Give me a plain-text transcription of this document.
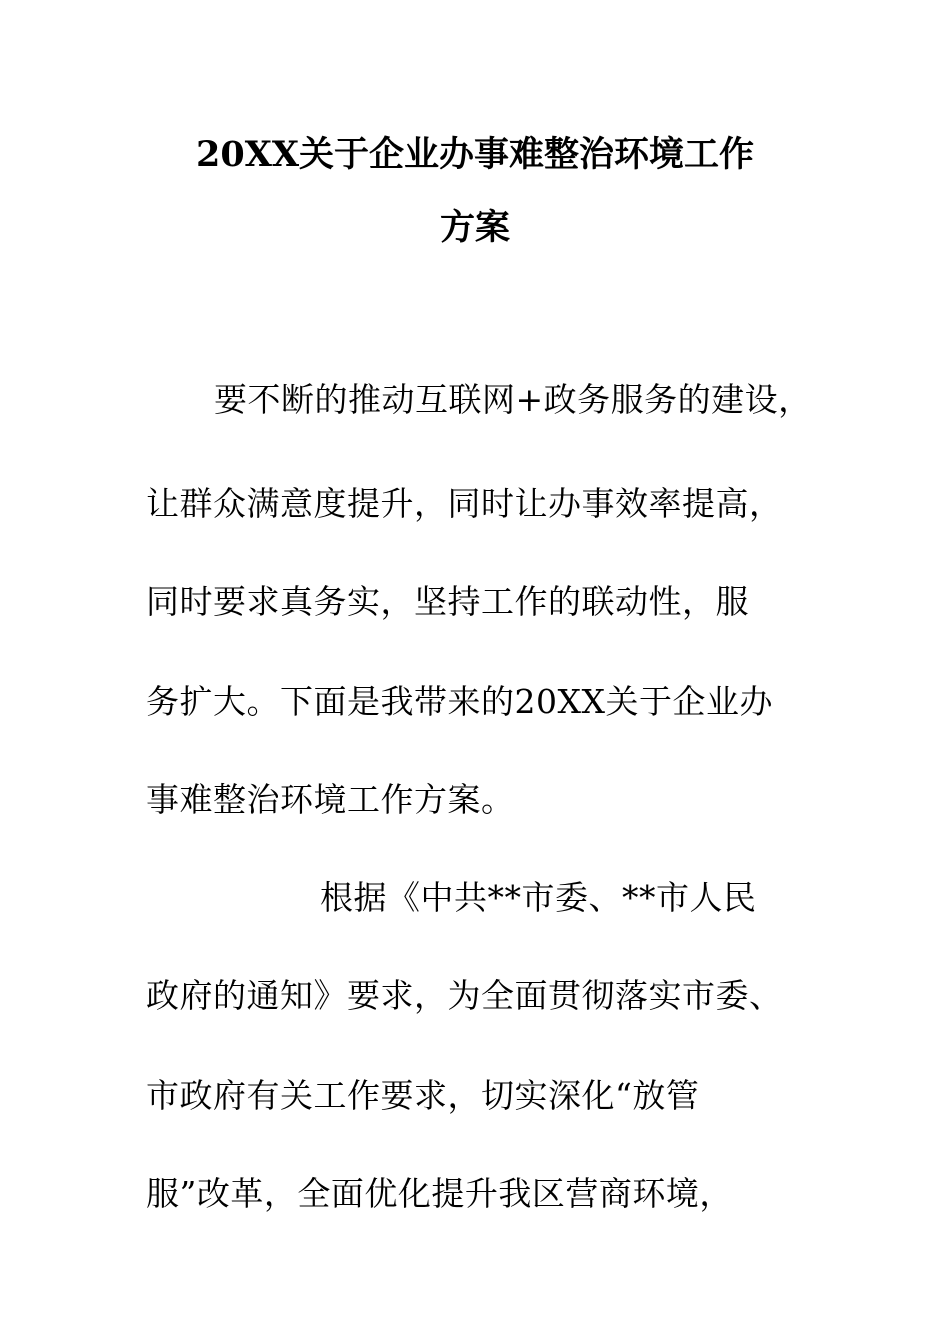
20XX关于企业办事难整治环境工作
方案
要不断的推动互联网+政务服务的建设，
让群众满意度提升，同时让办事效率提高，
同时要求真务实，坚持工作的联动性，服
务扩大。下面是我带来的20XX关于企业办
事难整治环境工作方案。
根据《中共**市委、**市人民
政府的通知》要求，为全面贯彻落实市委、
市政府有关工作要求，切实深化“放管
服”改革，全面优化提升我区营商环境，
